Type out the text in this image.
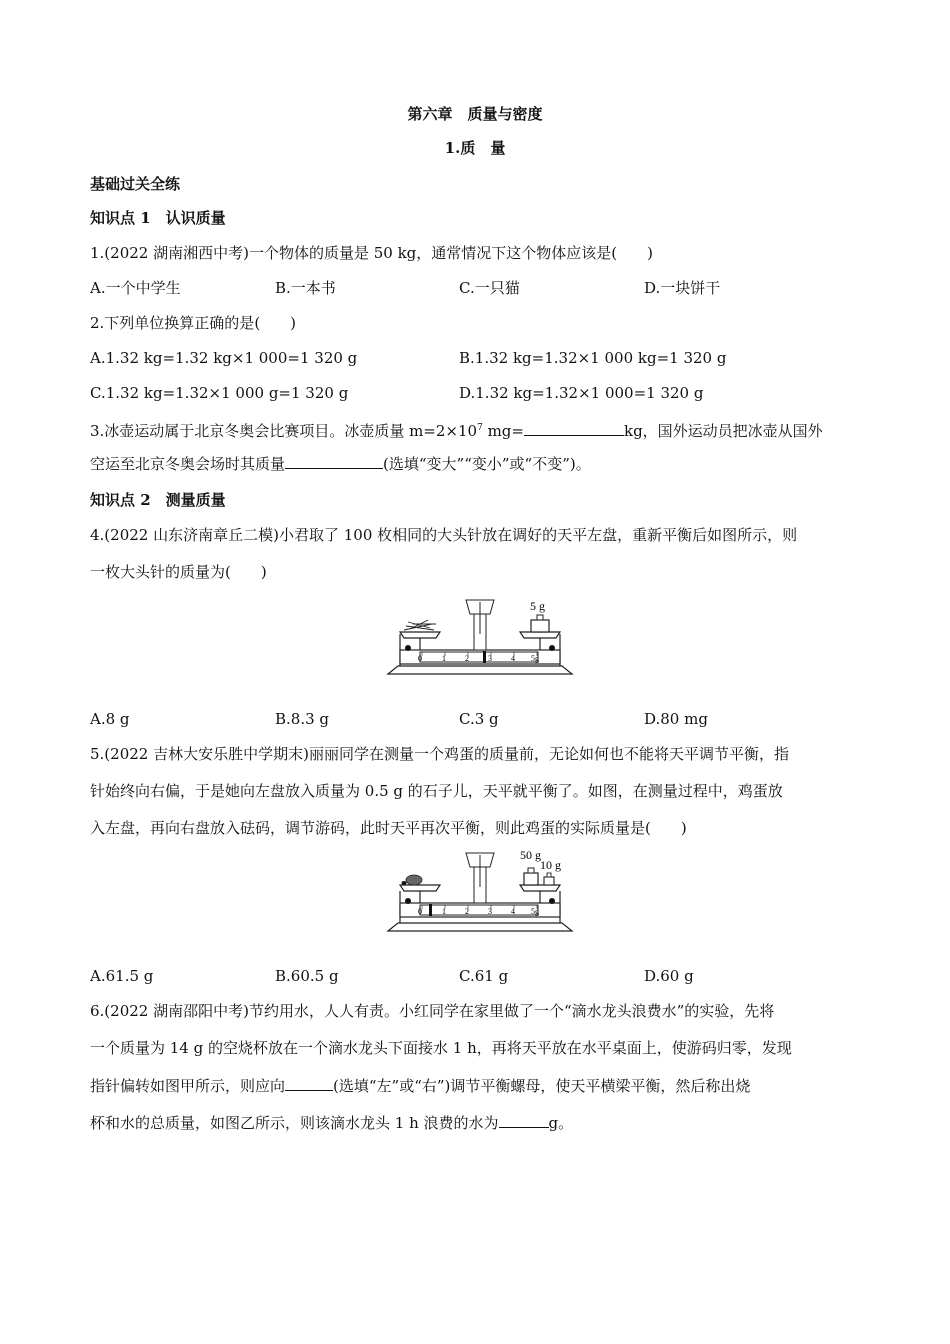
第六章　质量与密度
1.质　量
基础过关全练
知识点 1　认识质量
1.(2022 湖南湘西中考)一个物体的质量是 50 kg，通常情况下这个物体应该是(　　)
A.一个中学生	B.一本书	C.一只猫	D.一块饼干
2.下列单位换算正确的是(　　)
A.1.32 kg=1.32 kg×1 000=1 320 g	B.1.32 kg=1.32×1 000 kg=1 320 g
C.1.32 kg=1.32×1 000 g=1 320 g	D.1.32 kg=1.32×1 000=1 320 g
3.冰壶运动属于北京冬奥会比赛项目。冰壶质量 $m=2\times 10^7$ mg=	kg，国外运动员把冰壶从国外
空运至北京冬奥会场时其质量	(选填“变大”“变小”或“不变”)。
知识点 2　测量质量
4.(2022 山东济南章丘二模)小君取了 100 枚相同的大头针放在调好的天平左盘，重新平衡后如图所示，则
一枚大头针的质量为(　　)
0	1 2 3 4 5g
5 g
A.8 g	B.8.3 g	C.3 g	D.80 mg
5.(2022 吉林大安乐胜中学期末)丽丽同学在测量一个鸡蛋的质量前，无论如何也不能将天平调节平衡，指
针始终向右偏，于是她向左盘放入质量为 0.5 g 的石子儿，天平就平衡了。如图，在测量过程中，鸡蛋放
入左盘，再向右盘放入砝码，调节游码，此时天平再次平衡，则此鸡蛋的实际质量是(　　)
0	1 2 3 4 5g
50 g
10 g
A.61.5 g	B.60.5 g	C.61 g	D.60 g
6.(2022 湖南邵阳中考)节约用水，人人有责。小红同学在家里做了一个“滴水龙头浪费水”的实验，先将
一个质量为 14 g 的空烧杯放在一个滴水龙头下面接水 1 h，再将天平放在水平桌面上，使游码归零，发现
指针偏转如图甲所示，则应向	(选填“左”或“右”)调节平衡螺母，使天平横梁平衡，然后称出烧
杯和水的总质量，如图乙所示，则该滴水龙头 1 h 浪费的水为	g。
